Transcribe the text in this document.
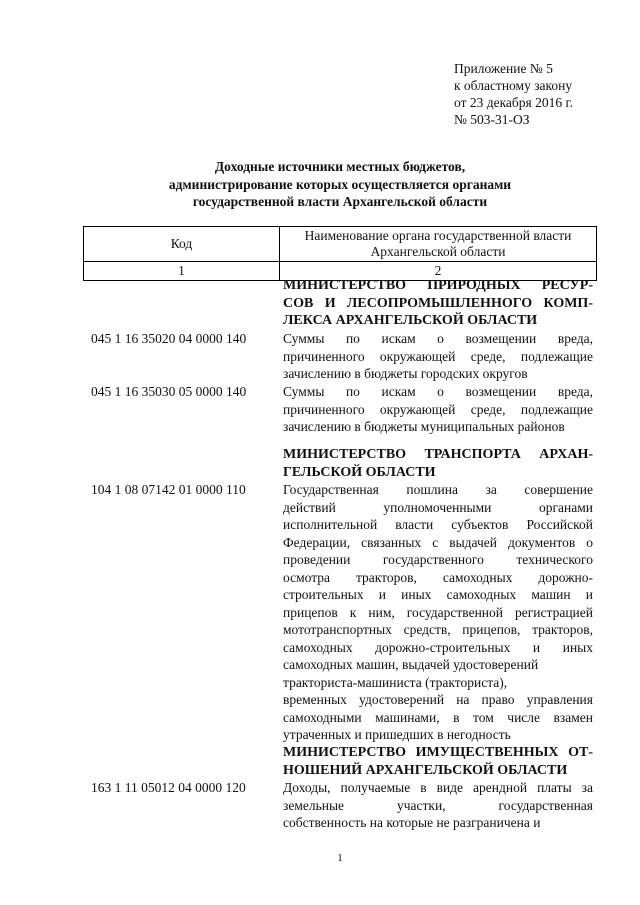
Приложение № 5
к областному закону
от 23 декабря 2016 г.
№ 503-31-ОЗ
Доходные источники местных бюджетов,
администрирование которых осуществляется органами
государственной власти Архангельской области
Код	Наименование органа государственной власти
Архангельской области

1	2
МИНИСТЕРСТВО ПРИРОДНЫХ РЕСУР-
СОВ И ЛЕСОПРОМЫШЛЕННОГО КОМП-
ЛЕКСА АРХАНГЕЛЬСКОЙ ОБЛАСТИ
045 1 16 35020 04 0000 140	Суммы по искам о возмещении вреда,
причиненного окружающей среде, подлежащие
зачислению в бюджеты городских округов
045 1 16 35030 05 0000 140	Суммы по искам о возмещении вреда,
причиненного окружающей среде, подлежащие
зачислению в бюджеты муниципальных районов
МИНИСТЕРСТВО ТРАНСПОРТА АРХАН-
ГЕЛЬСКОЙ ОБЛАСТИ
104 1 08 07142 01 0000 110	Государственная пошлина за совершение
действий уполномоченными органами
исполнительной власти субъектов Российской
Федерации, связанных с выдачей документов о
проведении государственного технического
осмотра тракторов, самоходных дорожно-
строительных и иных самоходных машин и
прицепов к ним, государственной регистрацией
мототранспортных средств, прицепов, тракторов,
самоходных дорожно-строительных и иных
самоходных машин, выдачей удостоверений
тракториста-машиниста (тракториста),
временных удостоверений на право управления
самоходными машинами, в том числе взамен
утраченных и пришедших в негодность
МИНИСТЕРСТВО ИМУЩЕСТВЕННЫХ ОТ-
НОШЕНИЙ АРХАНГЕЛЬСКОЙ ОБЛАСТИ
163 1 11 05012 04 0000 120	Доходы, получаемые в виде арендной платы за
земельные участки, государственная
собственность на которые не разграничена и
1
